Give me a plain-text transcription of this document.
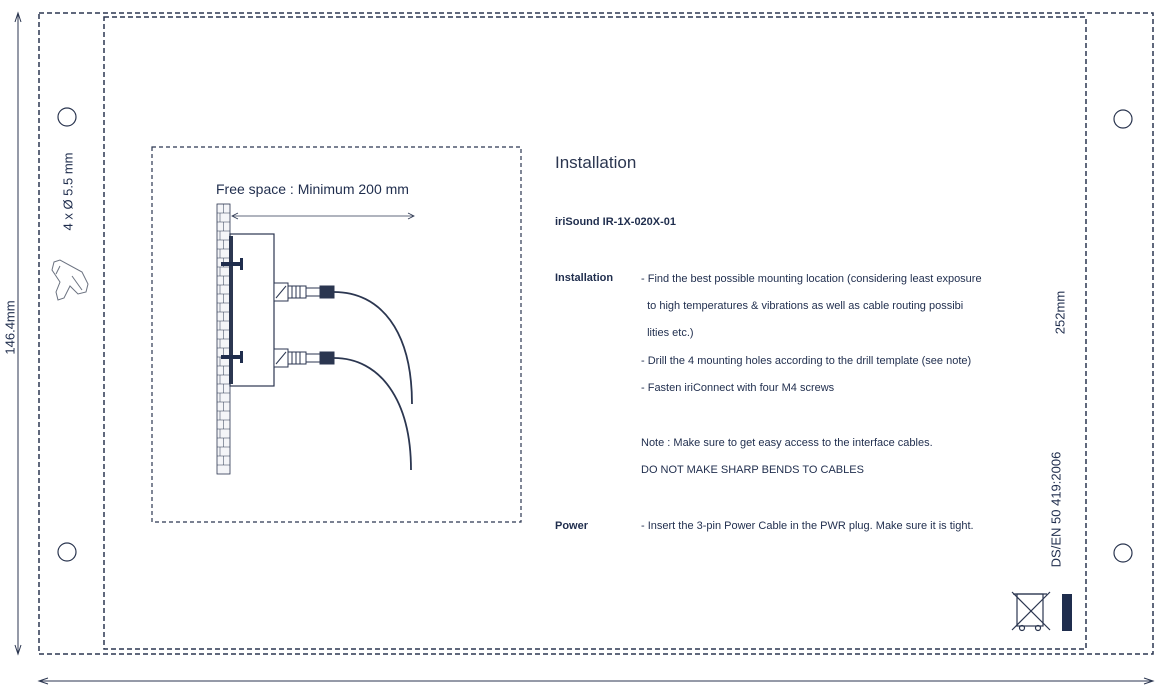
146.4mm
4 x Ø 5.5 mm
252mm
DS/EN 50 419:2006
Free space : Minimum 200 mm
Installation
iriSound IR-1X-020X-01
Installation	- Find the best possible mounting location (considering least exposure
to high temperatures & vibrations as well as cable routing possibi
lities etc.)
- Drill the 4 mounting holes according to the drill template (see note)
- Fasten iriConnect with four M4 screws
Note : Make sure to get easy access to the interface cables.
DO NOT MAKE SHARP BENDS TO CABLES
Power	- Insert the 3-pin Power Cable in the PWR plug. Make sure it is tight.
